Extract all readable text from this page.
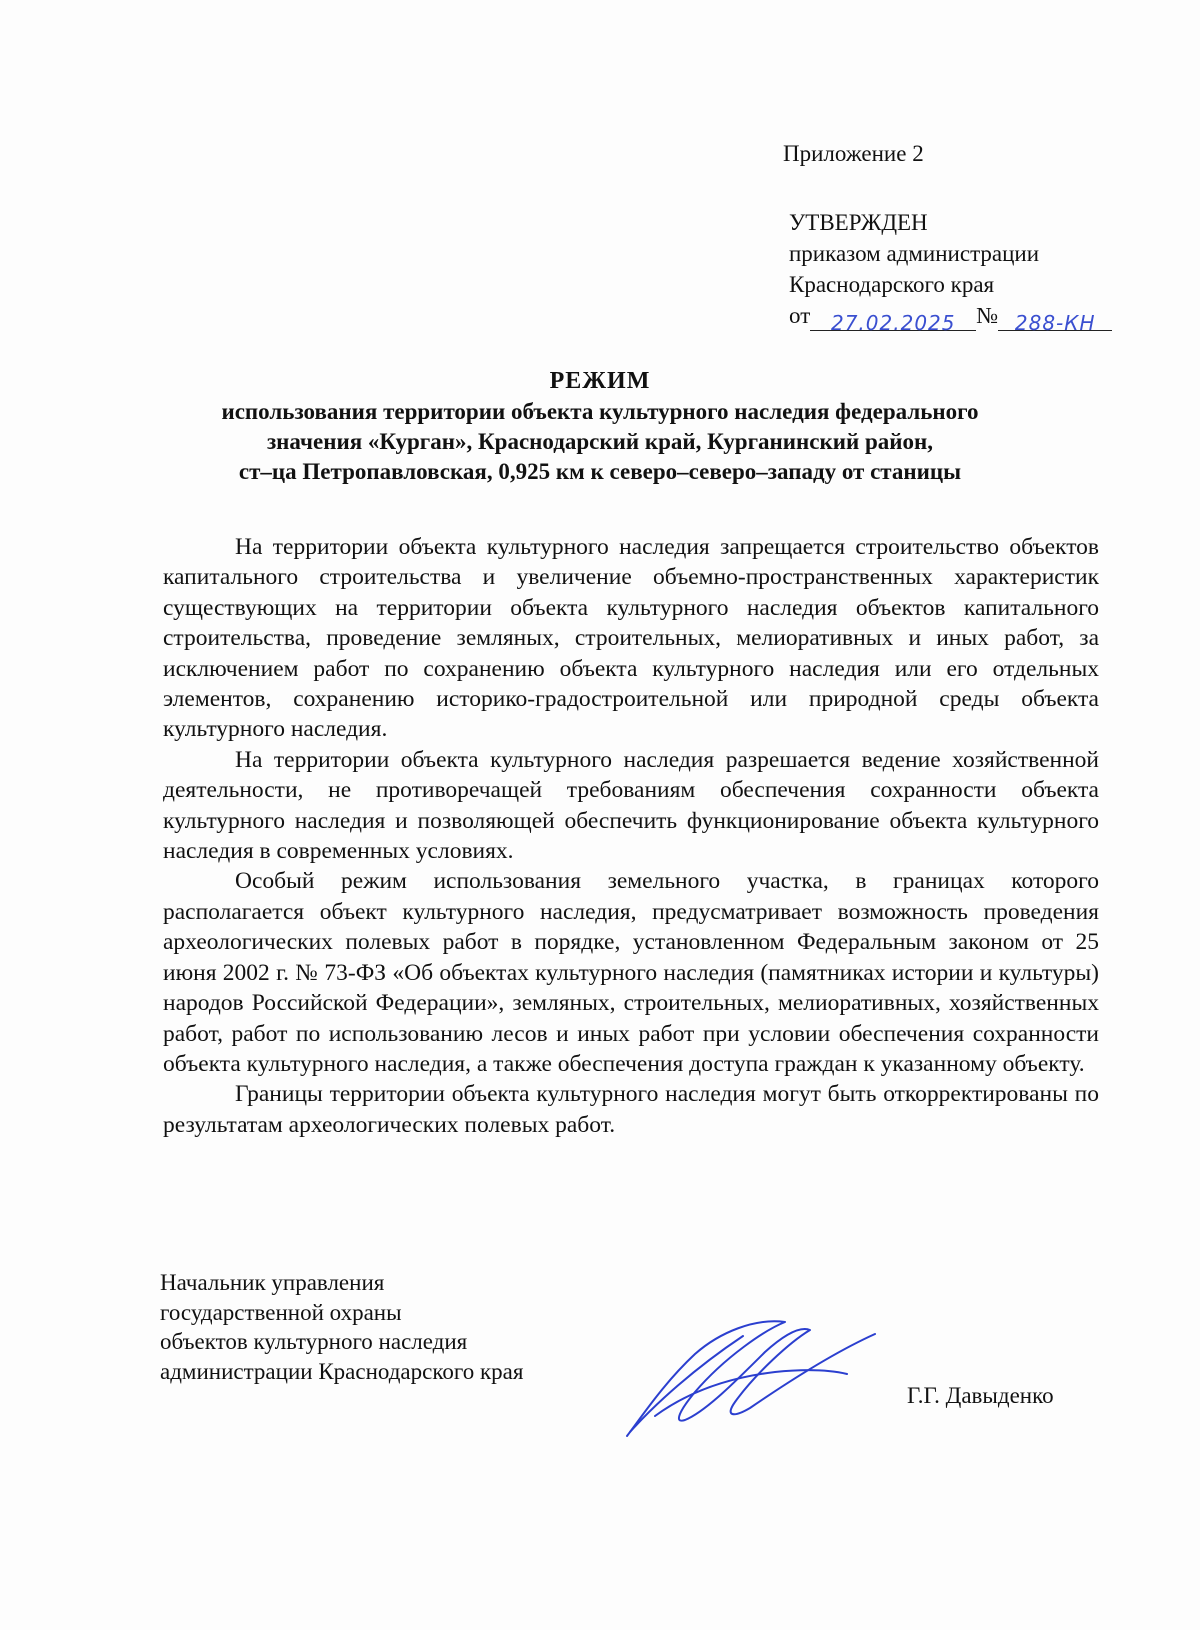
Приложение 2
УТВЕРЖДЕН
приказом администрации
Краснодарского края
от	27.02.2025 № 288-КН
РЕЖИМ
использования территории объекта культурного наследия федерального
значения «Курган», Краснодарский край, Курганинский район,
ст–ца Петропавловская, 0,925 км к северо–северо–западу от станицы

На территории объекта культурного наследия запрещается строительство объектов капитального строительства и увеличение объемно-пространственных характеристик существующих на территории объекта культурного наследия объектов капитального строительства, проведение земляных, строительных, мелиоративных и иных работ, за исключением работ по сохранению объекта культурного наследия или его отдельных элементов, сохранению историко-градостроительной или природной среды объекта культурного наследия.

На территории объекта культурного наследия разрешается ведение хозяйственной деятельности, не противоречащей требованиям обеспечения сохранности объекта культурного наследия и позволяющей обеспечить функционирование объекта культурного наследия в современных условиях.

Особый режим использования земельного участка, в границах которого располагается объект культурного наследия, предусматривает возможность проведения археологических полевых работ в порядке, установленном Федеральным законом от 25 июня 2002 г. № 73-ФЗ «Об объектах культурного наследия (памятниках истории и культуры) народов Российской Федерации», земляных, строительных, мелиоративных, хозяйственных работ, работ по использованию лесов и иных работ при условии обеспечения сохранности объекта культурного наследия, а также обеспечения доступа граждан к указанному объекту.

Границы территории объекта культурного наследия могут быть откорректированы по результатам археологических полевых работ.

Начальник управления
государственной охраны
объектов культурного наследия
администрации Краснодарского края
Г.Г. Давыденко
